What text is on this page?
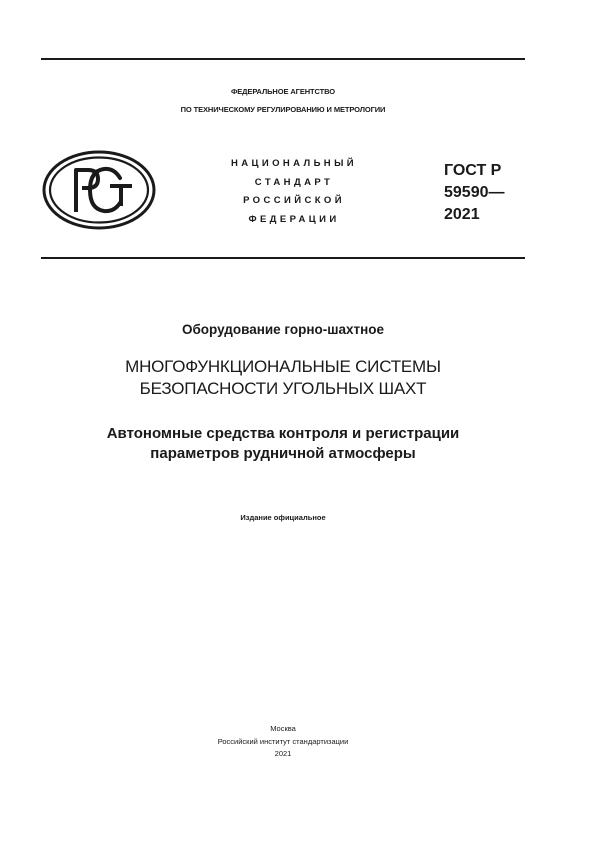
ФЕДЕРАЛЬНОЕ АГЕНТСТВО
ПО ТЕХНИЧЕСКОМУ РЕГУЛИРОВАНИЮ И МЕТРОЛОГИИ
НАЦИОНАЛЬНЫЙ
СТАНДАРТ
РОССИЙСКОЙ
ФЕДЕРАЦИИ
ГОСТ Р
59590—
2021
Оборудование горно-шахтное
МНОГОФУНКЦИОНАЛЬНЫЕ СИСТЕМЫ
БЕЗОПАСНОСТИ УГОЛЬНЫХ ШАХТ
Автономные средства контроля и регистрации
параметров рудничной атмосферы
Издание официальное
Москва
Российский институт стандартизации
2021
